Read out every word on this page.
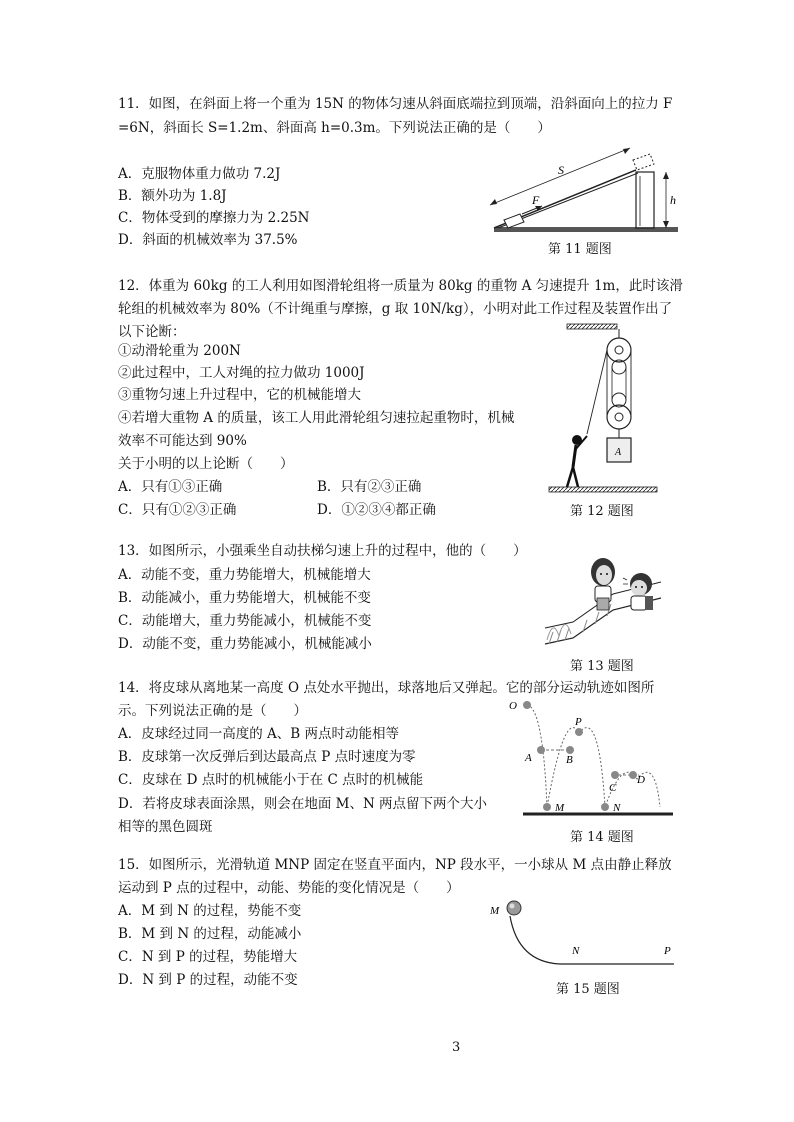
11．如图，在斜面上将一个重为 15N 的物体匀速从斜面底端拉到顶端，沿斜面向上的拉力 F
=6N，斜面长 S=1.2m、斜面高 h=0.3m。下列说法正确的是（　　）
A．克服物体重力做功 7.2J
B．额外功为 1.8J
C．物体受到的摩擦力为 2.25N
D．斜面的机械效率为 37.5%
S
F	h
第 11 题图
12．体重为 60kg 的工人利用如图滑轮组将一质量为 80kg 的重物 A 匀速提升 1m，此时该滑
轮组的机械效率为 80%（不计绳重与摩擦，g 取 10N/kg），小明对此工作过程及装置作出了
以下论断：
①动滑轮重为 200N
②此过程中，工人对绳的拉力做功 1000J
③重物匀速上升过程中，它的机械能增大
④若增大重物 A 的质量，该工人用此滑轮组匀速拉起重物时，机械
效率不可能达到 90%
关于小明的以上论断（　　）
A．只有①③正确	B．只有②③正确
C．只有①②③正确	D．①②③④都正确
A
第 12 题图
13．如图所示，小强乘坐自动扶梯匀速上升的过程中，他的（　　）
A．动能不变，重力势能增大，机械能增大
B．动能减小，重力势能增大，机械能不变
C．动能增大，重力势能减小，机械能不变
D．动能不变，重力势能减小，机械能减小
第 13 题图
14．将皮球从离地某一高度 O 点处水平抛出，球落地后又弹起。它的部分运动轨迹如图所
示。下列说法正确的是（　　）
A．皮球经过同一高度的 A、B 两点时动能相等
B．皮球第一次反弹后到达最高点 P 点时速度为零
C．皮球在 D 点时的机械能小于在 C 点时的机械能
D．若将皮球表面涂黑，则会在地面 M、N 两点留下两个大小
相等的黑色圆斑
O
A	B
P
C
D
M	N
第 14 题图
15．如图所示，光滑轨道 MNP 固定在竖直平面内，NP 段水平，一小球从 M 点由静止释放
运动到 P 点的过程中，动能、势能的变化情况是（　　）
A．M 到 N 的过程，势能不变
B．M 到 N 的过程，动能减小
C．N 到 P 的过程，势能增大
D．N 到 P 的过程，动能不变
M
N	P
第 15 题图
3
